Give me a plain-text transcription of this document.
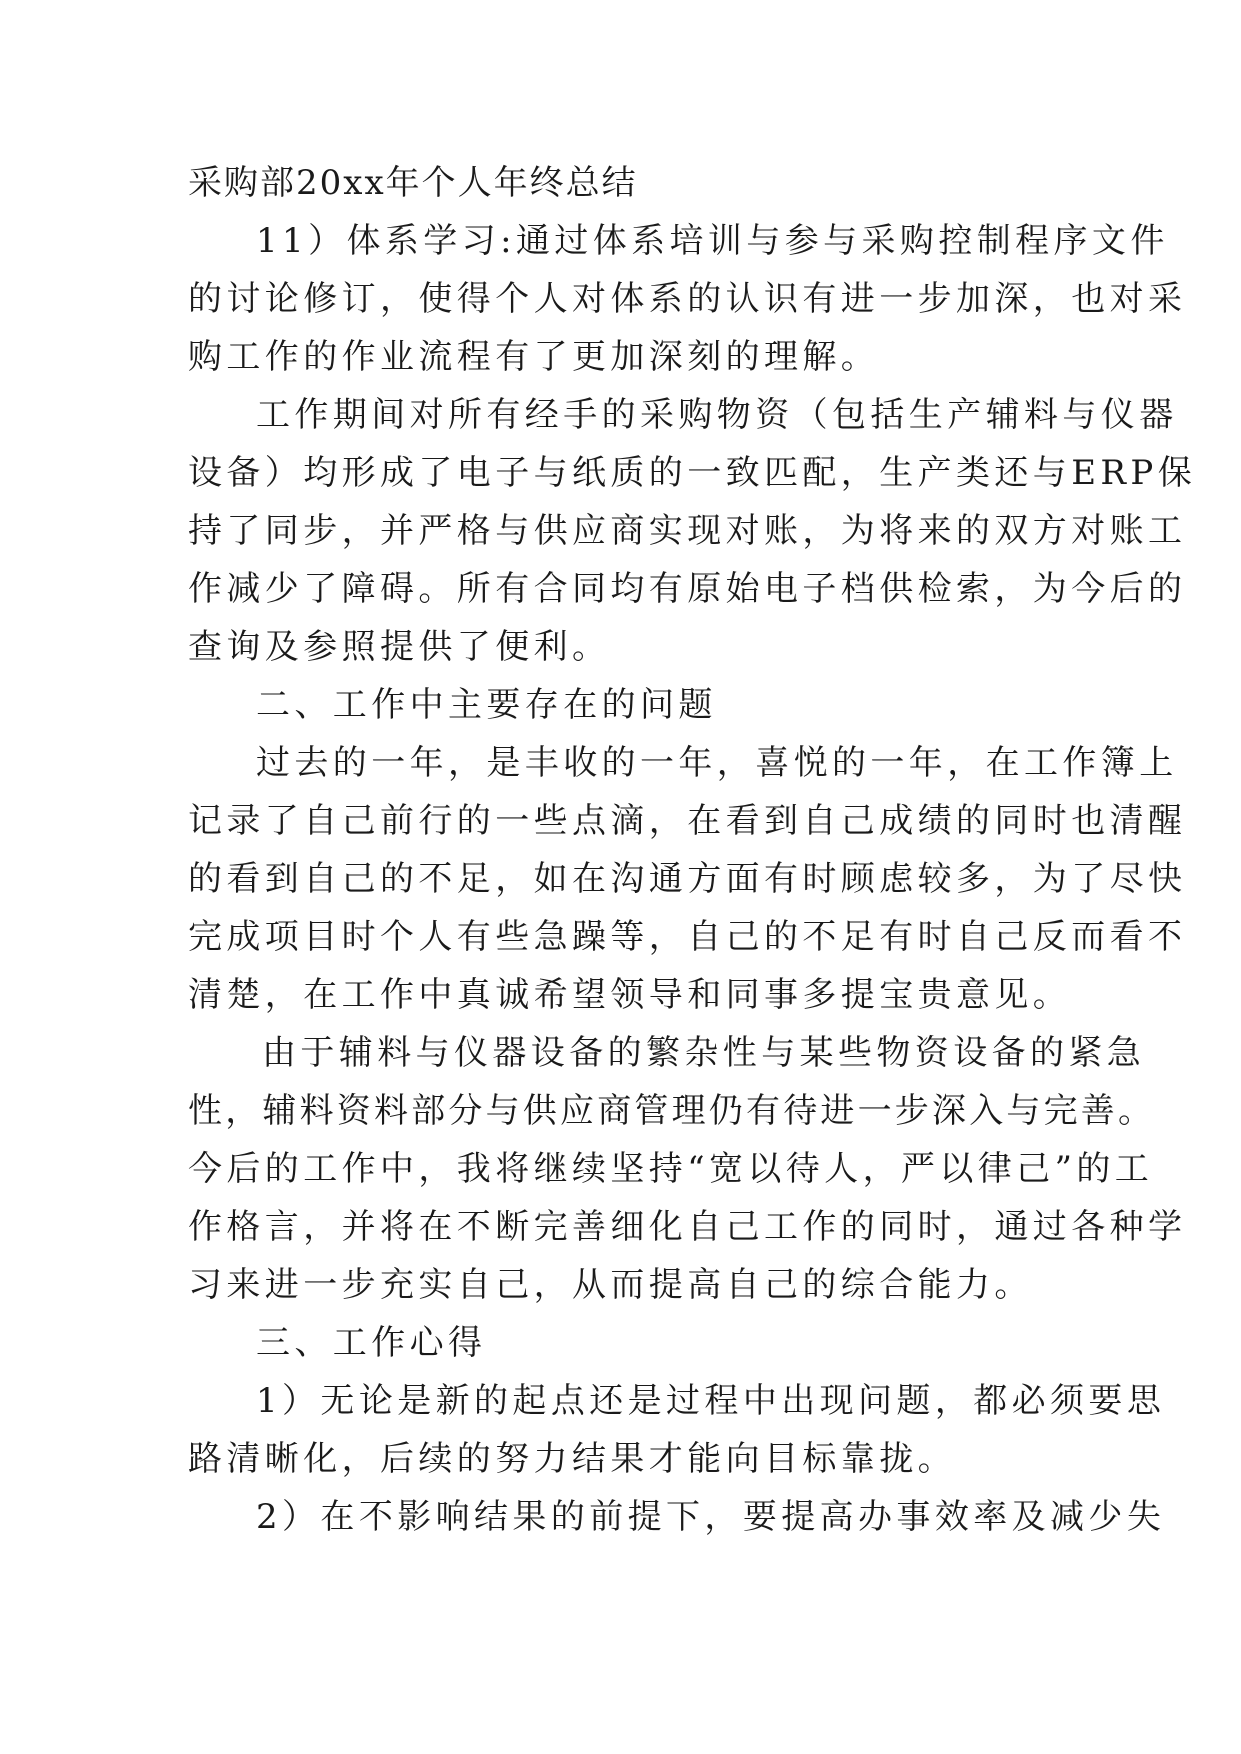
采购部20xx年个人年终总结
11）体系学习:通过体系培训与参与采购控制程序文件
的讨论修订，使得个人对体系的认识有进一步加深，也对采
购工作的作业流程有了更加深刻的理解。
工作期间对所有经手的采购物资（包括生产辅料与仪器
设备）均形成了电子与纸质的一致匹配，生产类还与ERP保
持了同步，并严格与供应商实现对账，为将来的双方对账工
作减少了障碍。所有合同均有原始电子档供检索，为今后的
查询及参照提供了便利。
二、工作中主要存在的问题
过去的一年，是丰收的一年，喜悦的一年，在工作簿上
记录了自己前行的一些点滴，在看到自己成绩的同时也清醒
的看到自己的不足，如在沟通方面有时顾虑较多，为了尽快
完成项目时个人有些急躁等，自己的不足有时自己反而看不
清楚，在工作中真诚希望领导和同事多提宝贵意见。
由于辅料与仪器设备的繁杂性与某些物资设备的紧急
性，辅料资料部分与供应商管理仍有待进一步深入与完善。
今后的工作中，我将继续坚持“宽以待人，严以律己”的工
作格言，并将在不断完善细化自己工作的同时，通过各种学
习来进一步充实自己，从而提高自己的综合能力。
三、工作心得
1）无论是新的起点还是过程中出现问题，都必须要思
路清晰化，后续的努力结果才能向目标靠拢。
2）在不影响结果的前提下，要提高办事效率及减少失
